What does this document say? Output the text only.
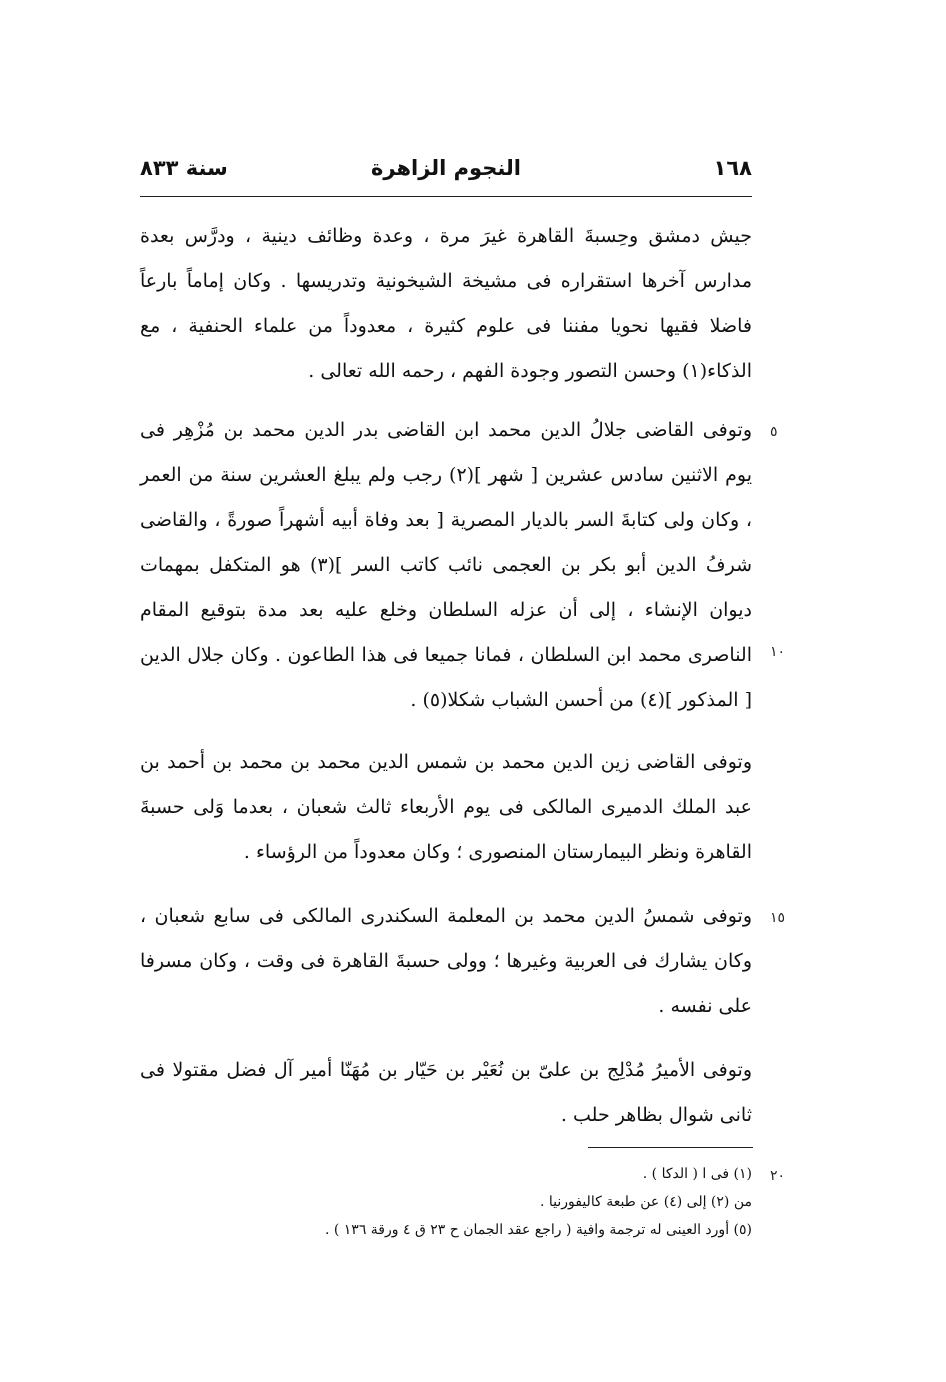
١٦٨
النجوم الزاهرة
سنة ٨٣٣
جيش دمشق وحِسبةَ القاهرة غيرَ مرة ، وعدة وظائف دينية ، ودرَّس بعدة مدارس آخرها استقراره فى مشيخة الشيخونية وتدريسها . وكان إماماً بارعاً فاضلا فقيها نحويا مفننا فى علوم كثيرة ، معدوداً من علماء الحنفية ، مع الذكاء(١) وحسن التصور وجودة الفهم ، رحمه الله تعالى .
وتوفى القاضى جلالُ الدين محمد ابن القاضى بدر الدين محمد بن مُزْهِر فى يوم الاثنين سادس عشرين [ شهر ](٢) رجب ولم يبلغ العشرين سنة من العمر ، وكان ولى كتابةَ السر بالديار المصرية [ بعد وفاة أبيه أشهراً صورةً ، والقاضى شرفُ الدين أبو بكر بن العجمى نائب كاتب السر ](٣) هو المتكفل بمهمات ديوان الإنشاء ، إلى أن عزله السلطان وخلع عليه بعد مدة بتوقيع المقام الناصرى محمد ابن السلطان ، فمانا جميعا فى هذا الطاعون . وكان جلال الدين [ المذكور ](٤) من أحسن الشباب شكلا(٥) .
وتوفى القاضى زين الدين محمد بن شمس الدين محمد بن محمد بن أحمد بن عبد الملك الدميرى المالكى فى يوم الأربعاء ثالث شعبان ، بعدما وَلى حسبةَ القاهرة ونظر البيمارستان المنصورى ؛ وكان معدوداً من الرؤساء .
وتوفى شمسُ الدين محمد بن المعلمة السكندرى المالكى فى سابع شعبان ، وكان يشارك فى العربية وغيرها ؛ وولى حسبةَ القاهرة فى وقت ، وكان مسرفا على نفسه .
وتوفى الأميرُ مُدْلِج بن علىّ بن نُعَيْر بن حَيّار بن مُهَنّا أمير آل فضل مقتولا فى ثانى شوال بظاهر حلب .
٥
١٠
١٥
٢٠
(١) فى ا ( الدكا ) .
من (٢) إلى (٤) عن طبعة كاليفورنيا .
(٥) أورد العينى له ترجمة وافية ( راجع عقد الجمان ح ٢٣ ق ٤ ورقة ١٣٦ ) .
